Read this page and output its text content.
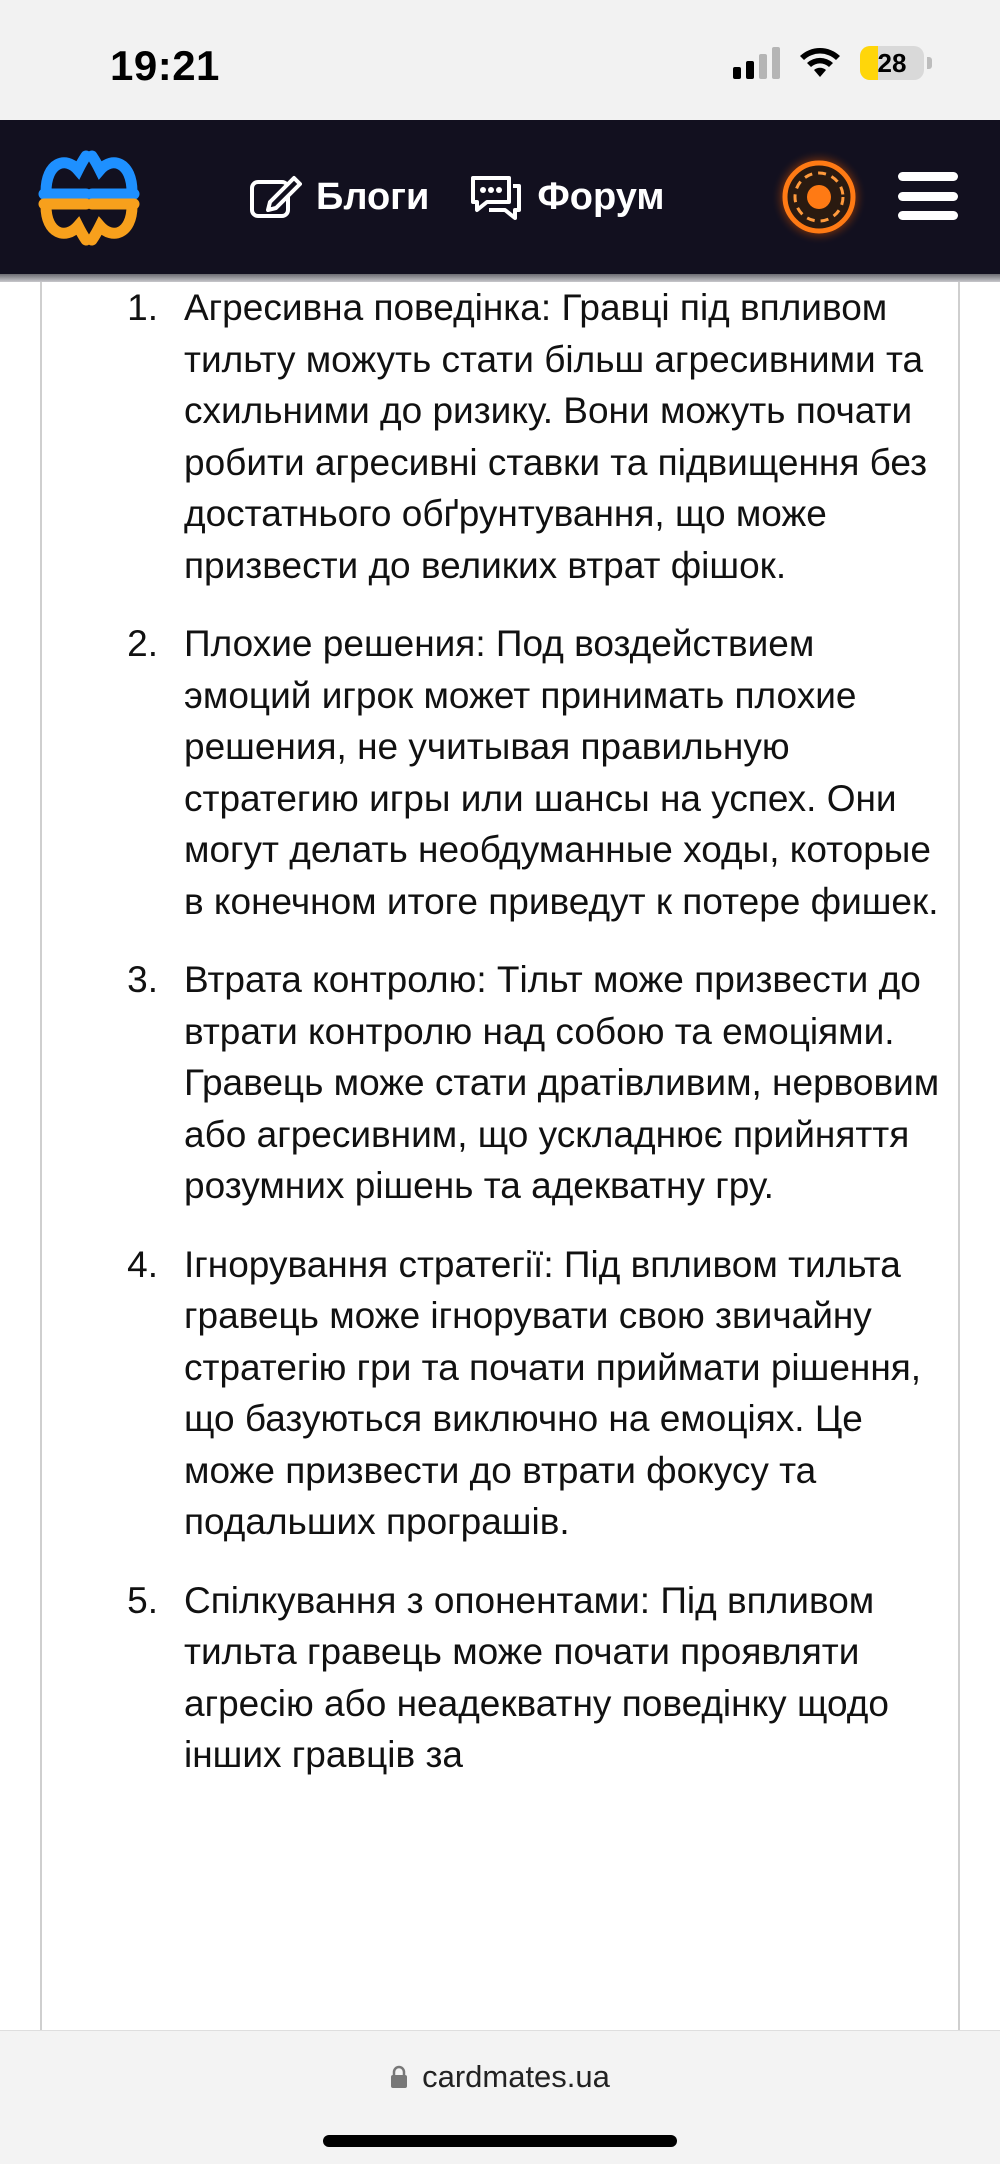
19:21	28
Блоги	Форум
1. Агресивна поведінка: Гравці під впливом тильту можуть стати більш агресивними та схильними до ризику. Вони можуть почати робити агресивні ставки та підвищення без достатнього обґрунтування, що може призвести до великих втрат фішок.
2. Плохие решения: Под воздействием эмоций игрок может принимать плохие решения, не учитывая правильную стратегию игры или шансы на успех. Они могут делать необдуманные ходы, которые в конечном итоге приведут к потере фишек.
3. Втрата контролю: Тільт може призвести до втрати контролю над собою та емоціями. Гравець може стати дратівливим, нервовим або агресивним, що ускладнює прийняття розумних рішень та адекватну гру.
4. Ігнорування стратегії: Під впливом тильта гравець може ігнорувати свою звичайну стратегію гри та почати приймати рішення, що базуються виключно на емоціях. Це може призвести до втрати фокусу та подальших програшів.
5. Спілкування з опонентами: Під впливом тильта гравець може почати проявляти агресію або неадекватну поведінку щодо інших гравців за
cardmates.ua
